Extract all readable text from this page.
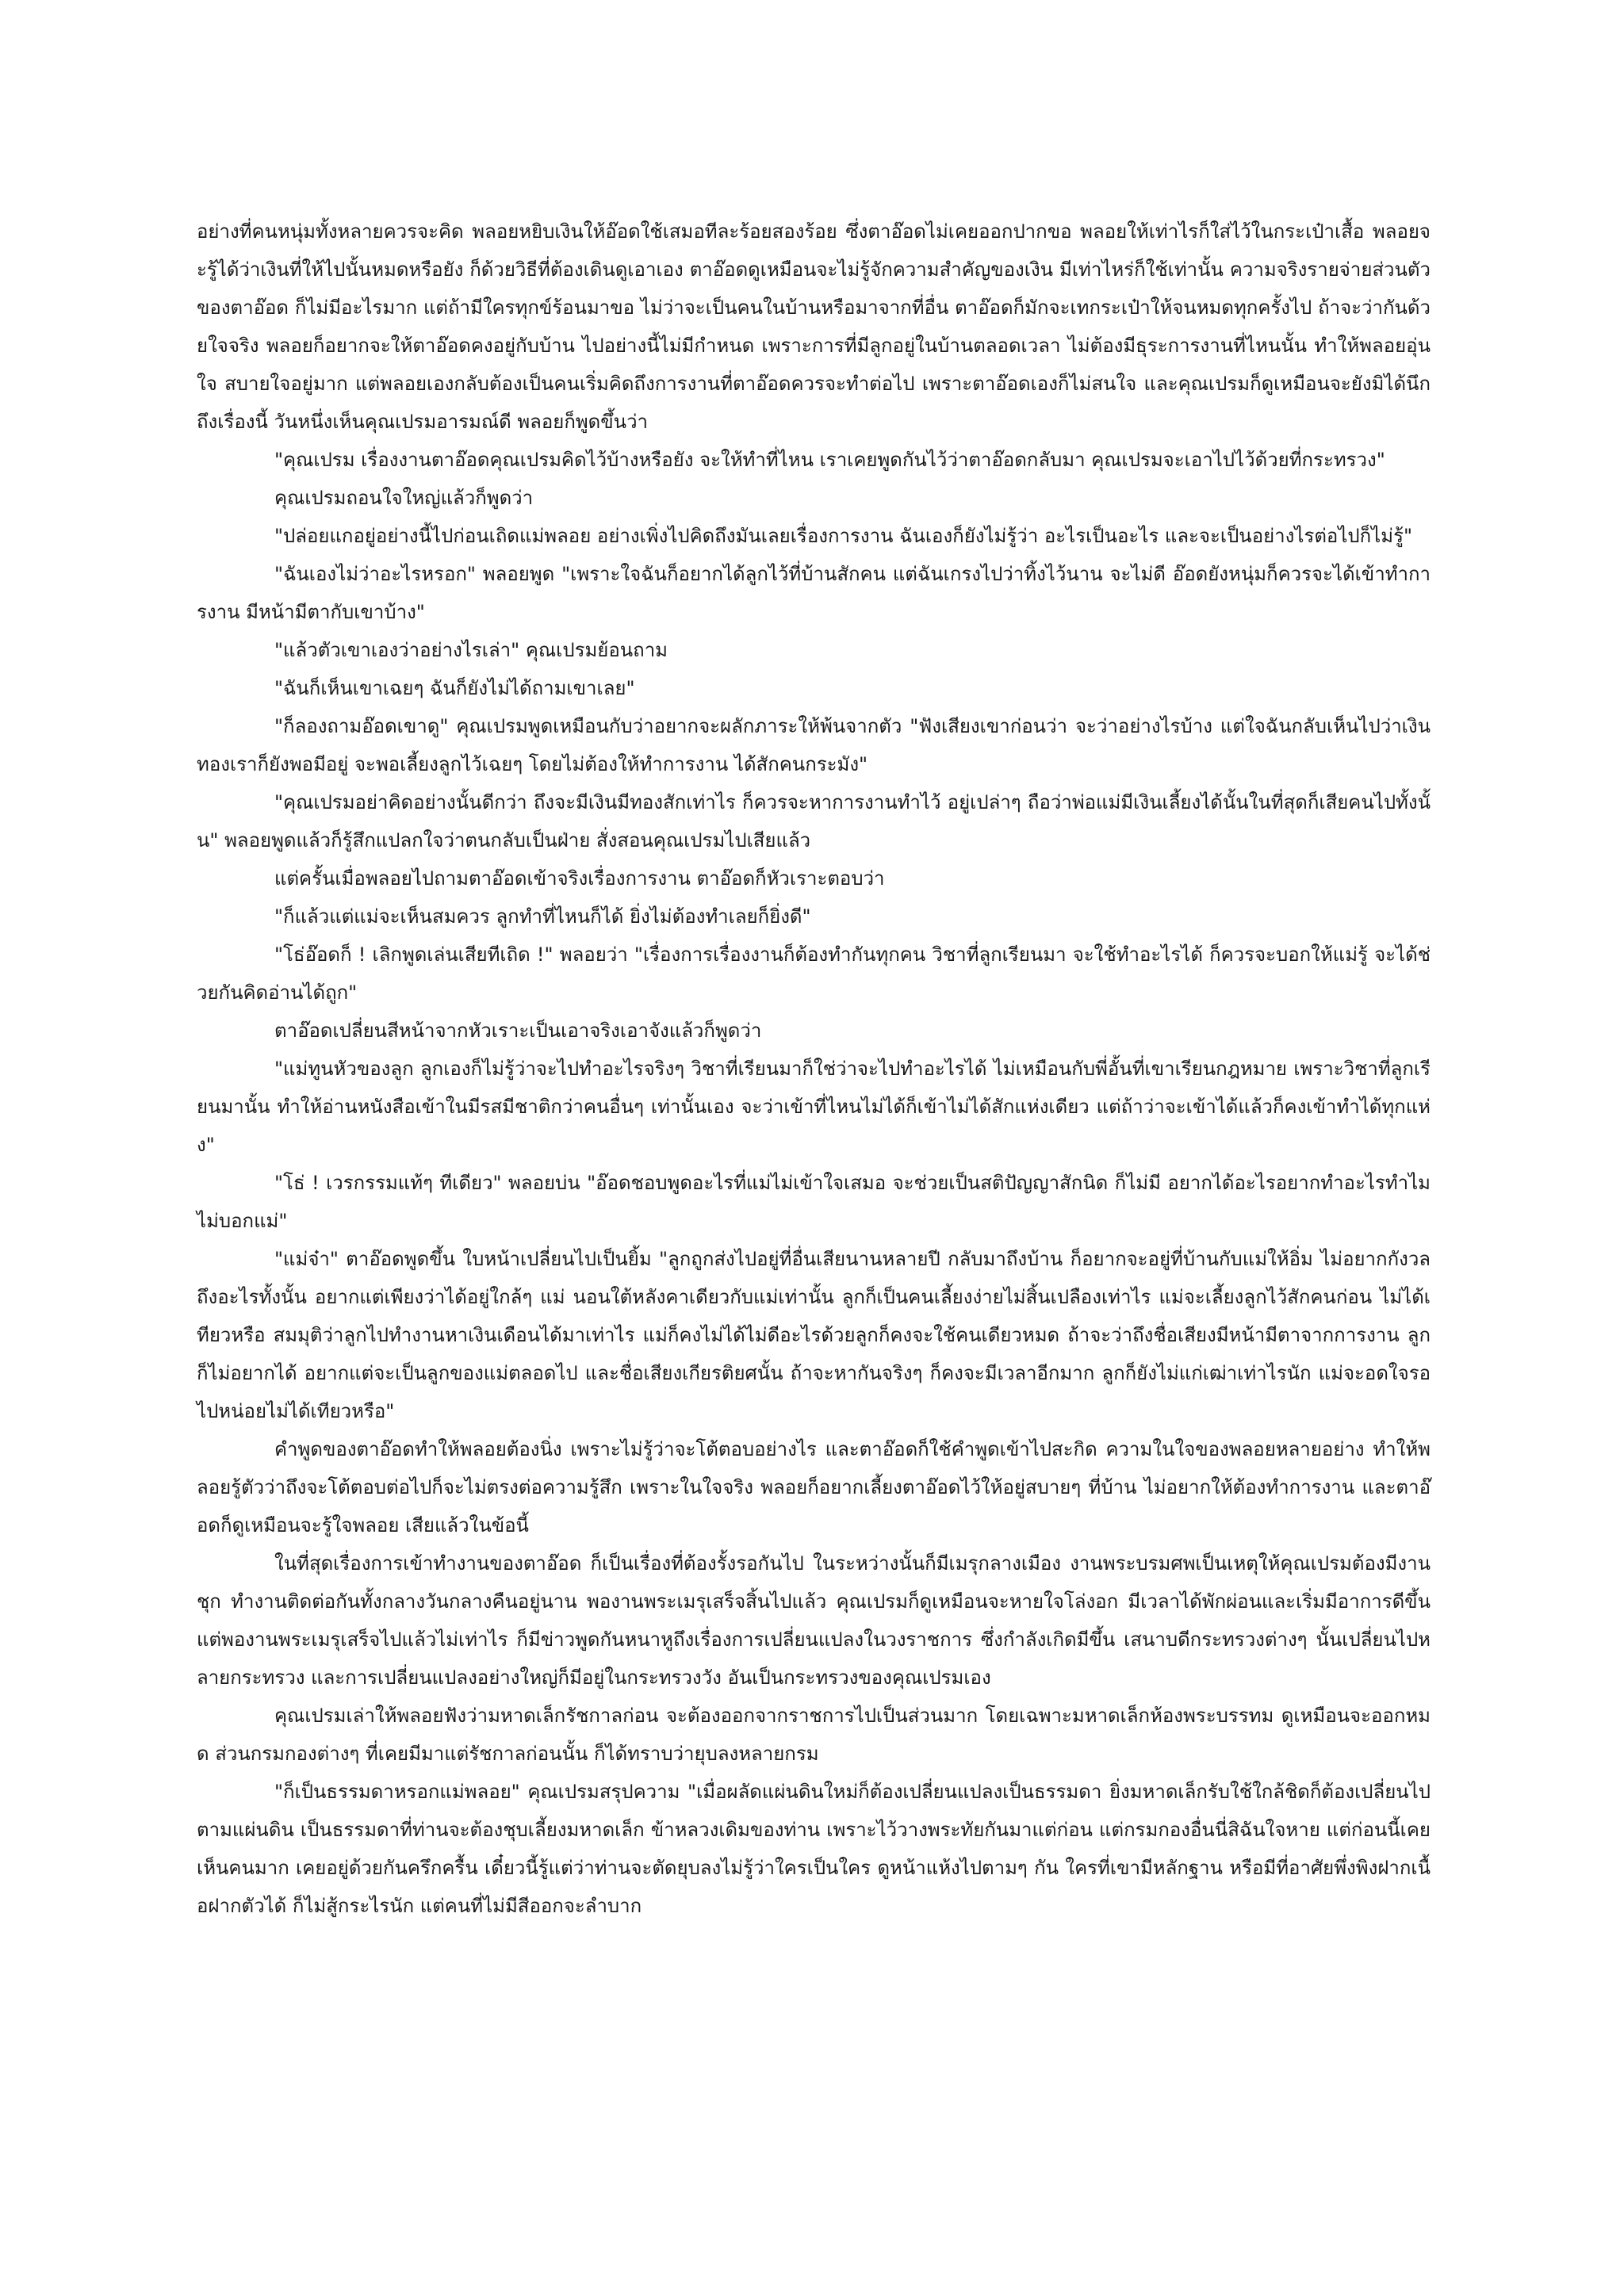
อย่างที่คนหนุ่มทั้งหลายควรจะคิด พลอยหยิบเงินให้อ๊อดใช้เสมอทีละร้อยสองร้อย ซึ่งตาอ๊อดไม่เคยออกปากขอ พลอยให้เท่าไรก็ใส่ไว้ในกระเป๋าเสื้อ พลอยจะรู้ได้ว่าเงินที่ให้ไปนั้นหมดหรือยัง ก็ด้วยวิธีที่ต้องเดินดูเอาเอง ตาอ๊อดดูเหมือนจะไม่รู้จักความสำคัญของเงิน มีเท่าไหร่ก็ใช้เท่านั้น ความจริงรายจ่ายส่วนตัวของตาอ๊อด ก็ไม่มีอะไรมาก แต่ถ้ามีใครทุกข์ร้อนมาขอ ไม่ว่าจะเป็นคนในบ้านหรือมาจากที่อื่น ตาอ๊อดก็มักจะเทกระเป๋าให้จนหมดทุกครั้งไป ถ้าจะว่ากันด้วยใจจริง พลอยก็อยากจะให้ตาอ๊อดคงอยู่กับบ้าน ไปอย่างนี้ไม่มีกำหนด เพราะการที่มีลูกอยู่ในบ้านตลอดเวลา ไม่ต้องมีธุระการงานที่ไหนนั้น ทำให้พลอยอุ่นใจ สบายใจอยู่มาก แต่พลอยเองกลับต้องเป็นคนเริ่มคิดถึงการงานที่ตาอ๊อดควรจะทำต่อไป เพราะตาอ๊อดเองก็ไม่สนใจ และคุณเปรมก็ดูเหมือนจะยังมิได้นึกถึงเรื่องนี้ วันหนึ่งเห็นคุณเปรมอารมณ์ดี พลอยก็พูดขึ้นว่า

"คุณเปรม เรื่องงานตาอ๊อดคุณเปรมคิดไว้บ้างหรือยัง จะให้ทำที่ไหน เราเคยพูดกันไว้ว่าตาอ๊อดกลับมา คุณเปรมจะเอาไปไว้ด้วยที่กระทรวง"

คุณเปรมถอนใจใหญ่แล้วก็พูดว่า

"ปล่อยแกอยู่อย่างนี้ไปก่อนเถิดแม่พลอย อย่างเพิ่งไปคิดถึงมันเลยเรื่องการงาน ฉันเองก็ยังไม่รู้ว่า อะไรเป็นอะไร และจะเป็นอย่างไรต่อไปก็ไม่รู้"

"ฉันเองไม่ว่าอะไรหรอก" พลอยพูด "เพราะใจฉันก็อยากได้ลูกไว้ที่บ้านสักคน แต่ฉันเกรงไปว่าทิ้งไว้นาน จะไม่ดี อ๊อดยังหนุ่มก็ควรจะได้เข้าทำการงาน มีหน้ามีตากับเขาบ้าง"

"แล้วตัวเขาเองว่าอย่างไรเล่า" คุณเปรมย้อนถาม

"ฉันก็เห็นเขาเฉยๆ ฉันก็ยังไม่ได้ถามเขาเลย"

"ก็ลองถามอ๊อดเขาดู" คุณเปรมพูดเหมือนกับว่าอยากจะผลักภาระให้พ้นจากตัว "ฟังเสียงเขาก่อนว่า จะว่าอย่างไรบ้าง แต่ใจฉันกลับเห็นไปว่าเงินทองเราก็ยังพอมีอยู่ จะพอเลี้ยงลูกไว้เฉยๆ โดยไม่ต้องให้ทำการงาน ได้สักคนกระมัง"

"คุณเปรมอย่าคิดอย่างนั้นดีกว่า ถึงจะมีเงินมีทองสักเท่าไร ก็ควรจะหาการงานทำไว้ อยู่เปล่าๆ ถือว่าพ่อแม่มีเงินเลี้ยงได้นั้นในที่สุดก็เสียคนไปทั้งนั้น" พลอยพูดแล้วก็รู้สึกแปลกใจว่าตนกลับเป็นฝ่าย สั่งสอนคุณเปรมไปเสียแล้ว

แต่ครั้นเมื่อพลอยไปถามตาอ๊อดเข้าจริงเรื่องการงาน ตาอ๊อดก็หัวเราะตอบว่า

"ก็แล้วแต่แม่จะเห็นสมควร ลูกทำที่ไหนก็ได้ ยิ่งไม่ต้องทำเลยก็ยิ่งดี"

"โธ่อ๊อดก็ ! เลิกพูดเล่นเสียทีเถิด !" พลอยว่า "เรื่องการเรื่องงานก็ต้องทำกันทุกคน วิชาที่ลูกเรียนมา จะใช้ทำอะไรได้ ก็ควรจะบอกให้แม่รู้ จะได้ช่วยกันคิดอ่านได้ถูก"

ตาอ๊อดเปลี่ยนสีหน้าจากหัวเราะเป็นเอาจริงเอาจังแล้วก็พูดว่า

"แม่ทูนหัวของลูก ลูกเองก็ไม่รู้ว่าจะไปทำอะไรจริงๆ วิชาที่เรียนมาก็ใช่ว่าจะไปทำอะไรได้ ไม่เหมือนกับพี่อั้นที่เขาเรียนกฎหมาย เพราะวิชาที่ลูกเรียนมานั้น ทำให้อ่านหนังสือเข้าในมีรสมีชาติกว่าคนอื่นๆ เท่านั้นเอง จะว่าเข้าที่ไหนไม่ได้ก็เข้าไม่ได้สักแห่งเดียว แต่ถ้าว่าจะเข้าได้แล้วก็คงเข้าทำได้ทุกแห่ง"

"โธ่ ! เวรกรรมแท้ๆ ทีเดียว" พลอยบ่น "อ๊อดชอบพูดอะไรที่แม่ไม่เข้าใจเสมอ จะช่วยเป็นสติปัญญาสักนิด ก็ไม่มี อยากได้อะไรอยากทำอะไรทำไมไม่บอกแม่"

"แม่จ๋า" ตาอ๊อดพูดขึ้น ใบหน้าเปลี่ยนไปเป็นยิ้ม "ลูกถูกส่งไปอยู่ที่อื่นเสียนานหลายปี กลับมาถึงบ้าน ก็อยากจะอยู่ที่บ้านกับแม่ให้อิ่ม ไม่อยากกังวลถึงอะไรทั้งนั้น อยากแต่เพียงว่าได้อยู่ใกล้ๆ แม่ นอนใต้หลังคาเดียวกับแม่เท่านั้น ลูกก็เป็นคนเลี้ยงง่ายไม่สิ้นเปลืองเท่าไร แม่จะเลี้ยงลูกไว้สักคนก่อน ไม่ได้เทียวหรือ สมมุติว่าลูกไปทำงานหาเงินเดือนได้มาเท่าไร แม่ก็คงไม่ได้ไม่ดีอะไรด้วยลูกก็คงจะใช้คนเดียวหมด ถ้าจะว่าถึงชื่อเสียงมีหน้ามีตาจากการงาน ลูกก็ไม่อยากได้ อยากแต่จะเป็นลูกของแม่ตลอดไป และชื่อเสียงเกียรติยศนั้น ถ้าจะหากันจริงๆ ก็คงจะมีเวลาอีกมาก ลูกก็ยังไม่แก่เฒ่าเท่าไรนัก แม่จะอดใจรอไปหน่อยไม่ได้เทียวหรือ"

คำพูดของตาอ๊อดทำให้พลอยต้องนิ่ง เพราะไม่รู้ว่าจะโต้ตอบอย่างไร และตาอ๊อดก็ใช้คำพูดเข้าไปสะกิด ความในใจของพลอยหลายอย่าง ทำให้พลอยรู้ตัวว่าถึงจะโต้ตอบต่อไปก็จะไม่ตรงต่อความรู้สึก เพราะในใจจริง พลอยก็อยากเลี้ยงตาอ๊อดไว้ให้อยู่สบายๆ ที่บ้าน ไม่อยากให้ต้องทำการงาน และตาอ๊อดก็ดูเหมือนจะรู้ใจพลอย เสียแล้วในข้อนี้

ในที่สุดเรื่องการเข้าทำงานของตาอ๊อด ก็เป็นเรื่องที่ต้องรั้งรอกันไป ในระหว่างนั้นก็มีเมรุกลางเมือง งานพระบรมศพเป็นเหตุให้คุณเปรมต้องมีงานชุก ทำงานติดต่อกันทั้งกลางวันกลางคืนอยู่นาน พองานพระเมรุเสร็จสิ้นไปแล้ว คุณเปรมก็ดูเหมือนจะหายใจโล่งอก มีเวลาได้พักผ่อนและเริ่มมีอาการดีขึ้น แต่พองานพระเมรุเสร็จไปแล้วไม่เท่าไร ก็มีข่าวพูดกันหนาหูถึงเรื่องการเปลี่ยนแปลงในวงราชการ ซึ่งกำลังเกิดมีขึ้น เสนาบดีกระทรวงต่างๆ นั้นเปลี่ยนไปหลายกระทรวง และการเปลี่ยนแปลงอย่างใหญ่ก็มีอยู่ในกระทรวงวัง อันเป็นกระทรวงของคุณเปรมเอง

คุณเปรมเล่าให้พลอยฟังว่ามหาดเล็กรัชกาลก่อน จะต้องออกจากราชการไปเป็นส่วนมาก โดยเฉพาะมหาดเล็กห้องพระบรรทม ดูเหมือนจะออกหมด ส่วนกรมกองต่างๆ ที่เคยมีมาแต่รัชกาลก่อนนั้น ก็ได้ทราบว่ายุบลงหลายกรม

"ก็เป็นธรรมดาหรอกแม่พลอย" คุณเปรมสรุปความ "เมื่อผลัดแผ่นดินใหม่ก็ต้องเปลี่ยนแปลงเป็นธรรมดา ยิ่งมหาดเล็กรับใช้ใกล้ชิดก็ต้องเปลี่ยนไปตามแผ่นดิน เป็นธรรมดาที่ท่านจะต้องชุบเลี้ยงมหาดเล็ก ข้าหลวงเดิมของท่าน เพราะไว้วางพระทัยกันมาแต่ก่อน แต่กรมกองอื่นนี่สิฉันใจหาย แต่ก่อนนี้เคยเห็นคนมาก เคยอยู่ด้วยกันครึกครื้น เดี๋ยวนี้รู้แต่ว่าท่านจะตัดยุบลงไม่รู้ว่าใครเป็นใคร ดูหน้าแห้งไปตามๆ กัน ใครที่เขามีหลักฐาน หรือมีที่อาศัยพึ่งพิงฝากเนื้อฝากตัวได้ ก็ไม่สู้กระไรนัก แต่คนที่ไม่มีสีออกจะลำบาก
